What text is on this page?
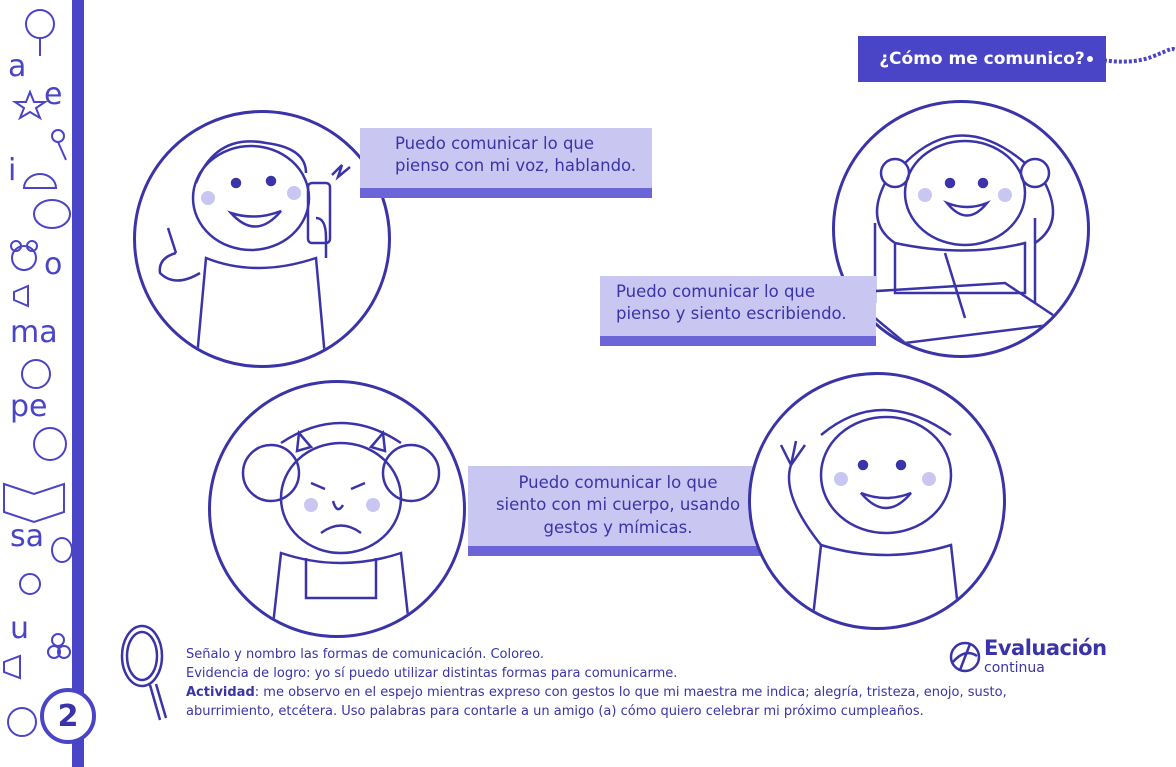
a
e
i
o
ma
pe
sa
u
2
¿Cómo me comunico?
Puedo comunicar lo que
pienso con mi voz, hablando.
Puedo comunicar lo que
pienso y siento escribiendo.
Puedo comunicar lo que
siento con mi cuerpo, usando
gestos y mímicas.
Señalo y nombro las formas de comunicación. Coloreo.
Evidencia de logro: yo sí puedo utilizar distintas formas para comunicarme.
Actividad: me observo en el espejo mientras expreso con gestos lo que mi maestra me indica; alegría, tristeza, enojo, susto, aburrimiento, etcétera. Uso palabras para contarle a un amigo (a) cómo quiero celebrar mi próximo cumpleaños.
Evaluación
continua
